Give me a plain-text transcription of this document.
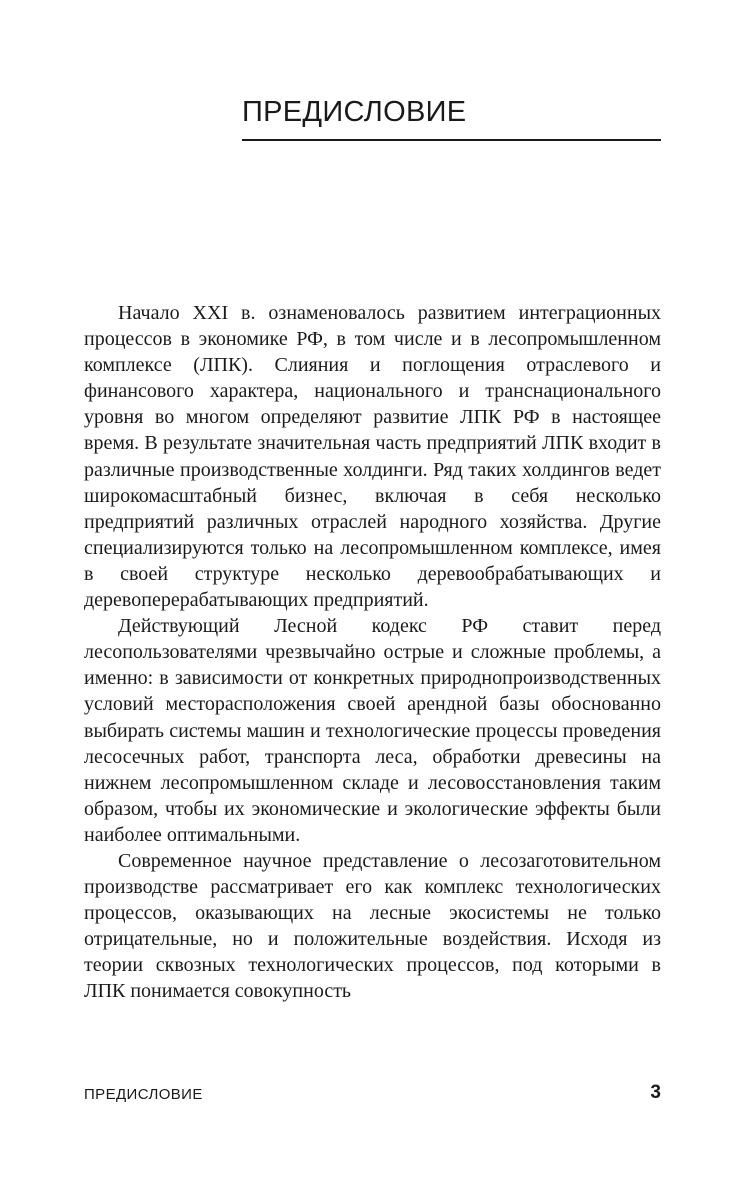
ПРЕДИСЛОВИЕ

Начало XXI в. ознаменовалось развитием интеграционных процессов в экономике РФ, в том числе и в лесопромышленном комплексе (ЛПК). Слияния и поглощения отраслевого и финансового характера, национального и транснационального уровня во многом определяют развитие ЛПК РФ в настоящее время. В результате значительная часть предприятий ЛПК входит в различные производственные холдинги. Ряд таких холдингов ведет широкомасштабный бизнес, включая в себя несколько предприятий различных отраслей народного хозяйства. Другие специализируются только на лесопромышленном комплексе, имея в своей структуре несколько деревообрабатывающих и деревоперерабатывающих предприятий.

Действующий Лесной кодекс РФ ставит перед лесопользователями чрезвычайно острые и сложные проблемы, а именно: в зависимости от конкретных природнопроизводственных условий месторасположения своей арендной базы обоснованно выбирать системы машин и технологические процессы проведения лесосечных работ, транспорта леса, обработки древесины на нижнем лесопромышленном складе и лесовосстановления таким образом, чтобы их экономические и экологические эффекты были наиболее оптимальными.

Современное научное представление о лесозаготовительном производстве рассматривает его как комплекс технологических процессов, оказывающих на лесные экосистемы не только отрицательные, но и положительные воздействия. Исходя из теории сквозных технологических процессов, под которыми в ЛПК понимается совокупность

ПРЕДИСЛОВИЕ	3
